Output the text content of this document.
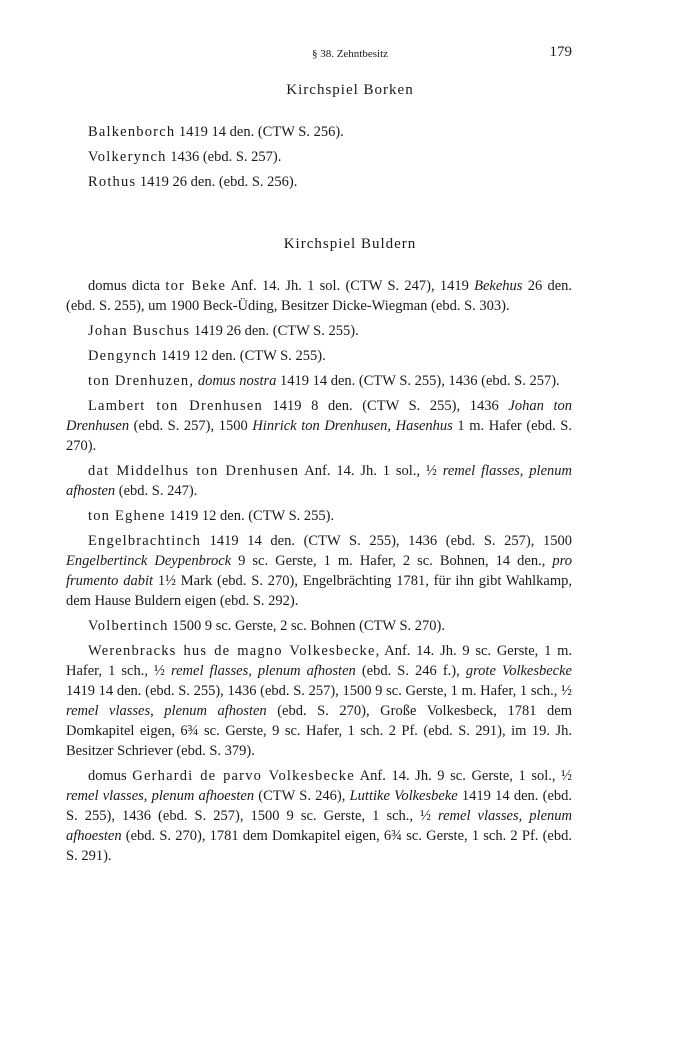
§ 38. Zehntbesitz	179
Kirchspiel Borken

Balkenborch 1419 14 den. (CTW S. 256).

Volkerynch 1436 (ebd. S. 257).

Rothus 1419 26 den. (ebd. S. 256).

Kirchspiel Buldern

domus dicta tor Beke Anf. 14. Jh. 1 sol. (CTW S. 247), 1419 Bekehus 26 den. (ebd. S. 255), um 1900 Beck-Üding, Besitzer Dicke-Wiegman (ebd. S. 303).

Johan Buschus 1419 26 den. (CTW S. 255).

Dengynch 1419 12 den. (CTW S. 255).

ton Drenhuzen, domus nostra 1419 14 den. (CTW S. 255), 1436 (ebd. S. 257).

Lambert ton Drenhusen 1419 8 den. (CTW S. 255), 1436 Johan ton Drenhusen (ebd. S. 257), 1500 Hinrick ton Drenhusen, Hasenhus 1 m. Hafer (ebd. S. 270).

dat Middelhus ton Drenhusen Anf. 14. Jh. 1 sol., ½ remel flasses, plenum afhosten (ebd. S. 247).

ton Eghene 1419 12 den. (CTW S. 255).

Engelbrachtinch 1419 14 den. (CTW S. 255), 1436 (ebd. S. 257), 1500 Engelbertinck Deypenbrock 9 sc. Gerste, 1 m. Hafer, 2 sc. Bohnen, 14 den., pro frumento dabit 1½ Mark (ebd. S. 270), Engelbrächting 1781, für ihn gibt Wahlkamp, dem Hause Buldern eigen (ebd. S. 292).

Volbertinch 1500 9 sc. Gerste, 2 sc. Bohnen (CTW S. 270).

Werenbracks hus de magno Volkesbecke, Anf. 14. Jh. 9 sc. Gerste, 1 m. Hafer, 1 sch., ½ remel flasses, plenum afhosten (ebd. S. 246 f.), grote Volkesbecke 1419 14 den. (ebd. S. 255), 1436 (ebd. S. 257), 1500 9 sc. Gerste, 1 m. Hafer, 1 sch., ½ remel vlasses, plenum afhosten (ebd. S. 270), Große Volkesbeck, 1781 dem Domkapitel eigen, 6¾ sc. Gerste, 9 sc. Hafer, 1 sch. 2 Pf. (ebd. S. 291), im 19. Jh. Besitzer Schriever (ebd. S. 379).

domus Gerhardi de parvo Volkesbecke Anf. 14. Jh. 9 sc. Gerste, 1 sol., ½ remel vlasses, plenum afhoesten (CTW S. 246), Luttike Volkesbeke 1419 14 den. (ebd. S. 255), 1436 (ebd. S. 257), 1500 9 sc. Gerste, 1 sch., ½ remel vlasses, plenum afhoesten (ebd. S. 270), 1781 dem Domkapitel eigen, 6¾ sc. Gerste, 1 sch. 2 Pf. (ebd. S. 291).
